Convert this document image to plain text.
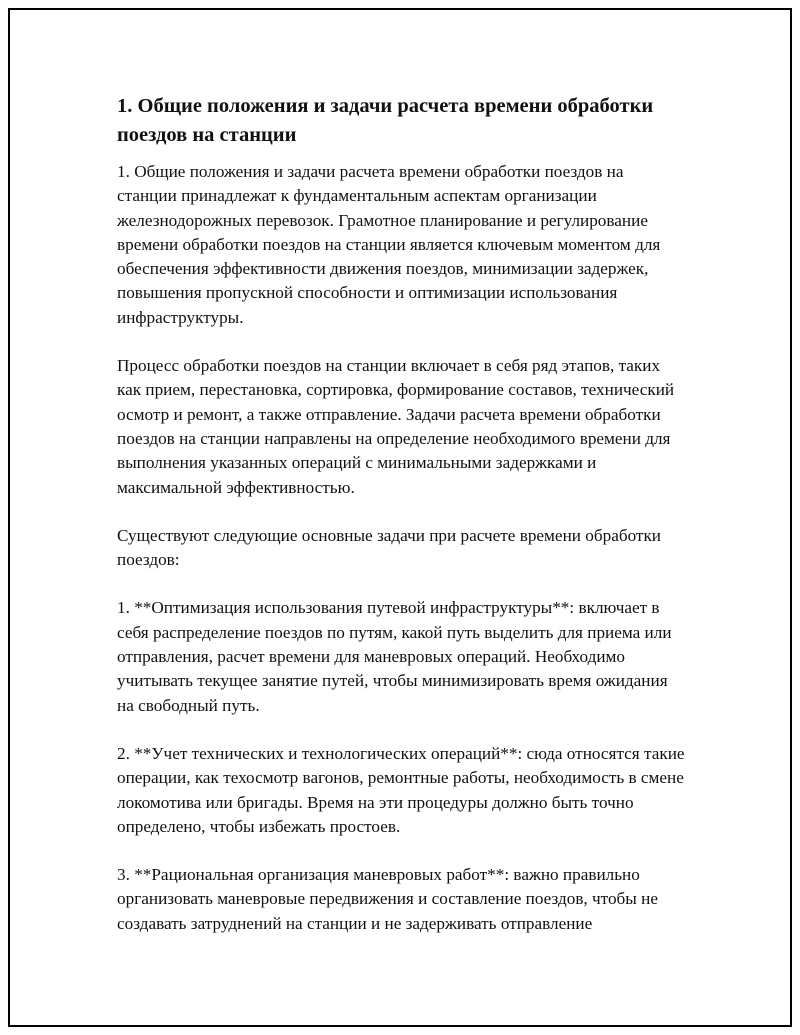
1. Общие положения и задачи расчета времени обработки поездов на станции

1. Общие положения и задачи расчета времени обработки поездов на станции принадлежат к фундаментальным аспектам организации железнодорожных перевозок. Грамотное планирование и регулирование времени обработки поездов на станции является ключевым моментом для обеспечения эффективности движения поездов, минимизации задержек, повышения пропускной способности и оптимизации использования инфраструктуры.

Процесс обработки поездов на станции включает в себя ряд этапов, таких как прием, перестановка, сортировка, формирование составов, технический осмотр и ремонт, а также отправление. Задачи расчета времени обработки поездов на станции направлены на определение необходимого времени для выполнения указанных операций с минимальными задержками и максимальной эффективностью.

Существуют следующие основные задачи при расчете времени обработки поездов:

1. **Оптимизация использования путевой инфраструктуры**: включает в себя распределение поездов по путям, какой путь выделить для приема или отправления, расчет времени для маневровых операций. Необходимо учитывать текущее занятие путей, чтобы минимизировать время ожидания на свободный путь.

2. **Учет технических и технологических операций**: сюда относятся такие операции, как техосмотр вагонов, ремонтные работы, необходимость в смене локомотива или бригады. Время на эти процедуры должно быть точно определено, чтобы избежать простоев.

3. **Рациональная организация маневровых работ**: важно правильно организовать маневровые передвижения и составление поездов, чтобы не создавать затруднений на станции и не задерживать отправление
